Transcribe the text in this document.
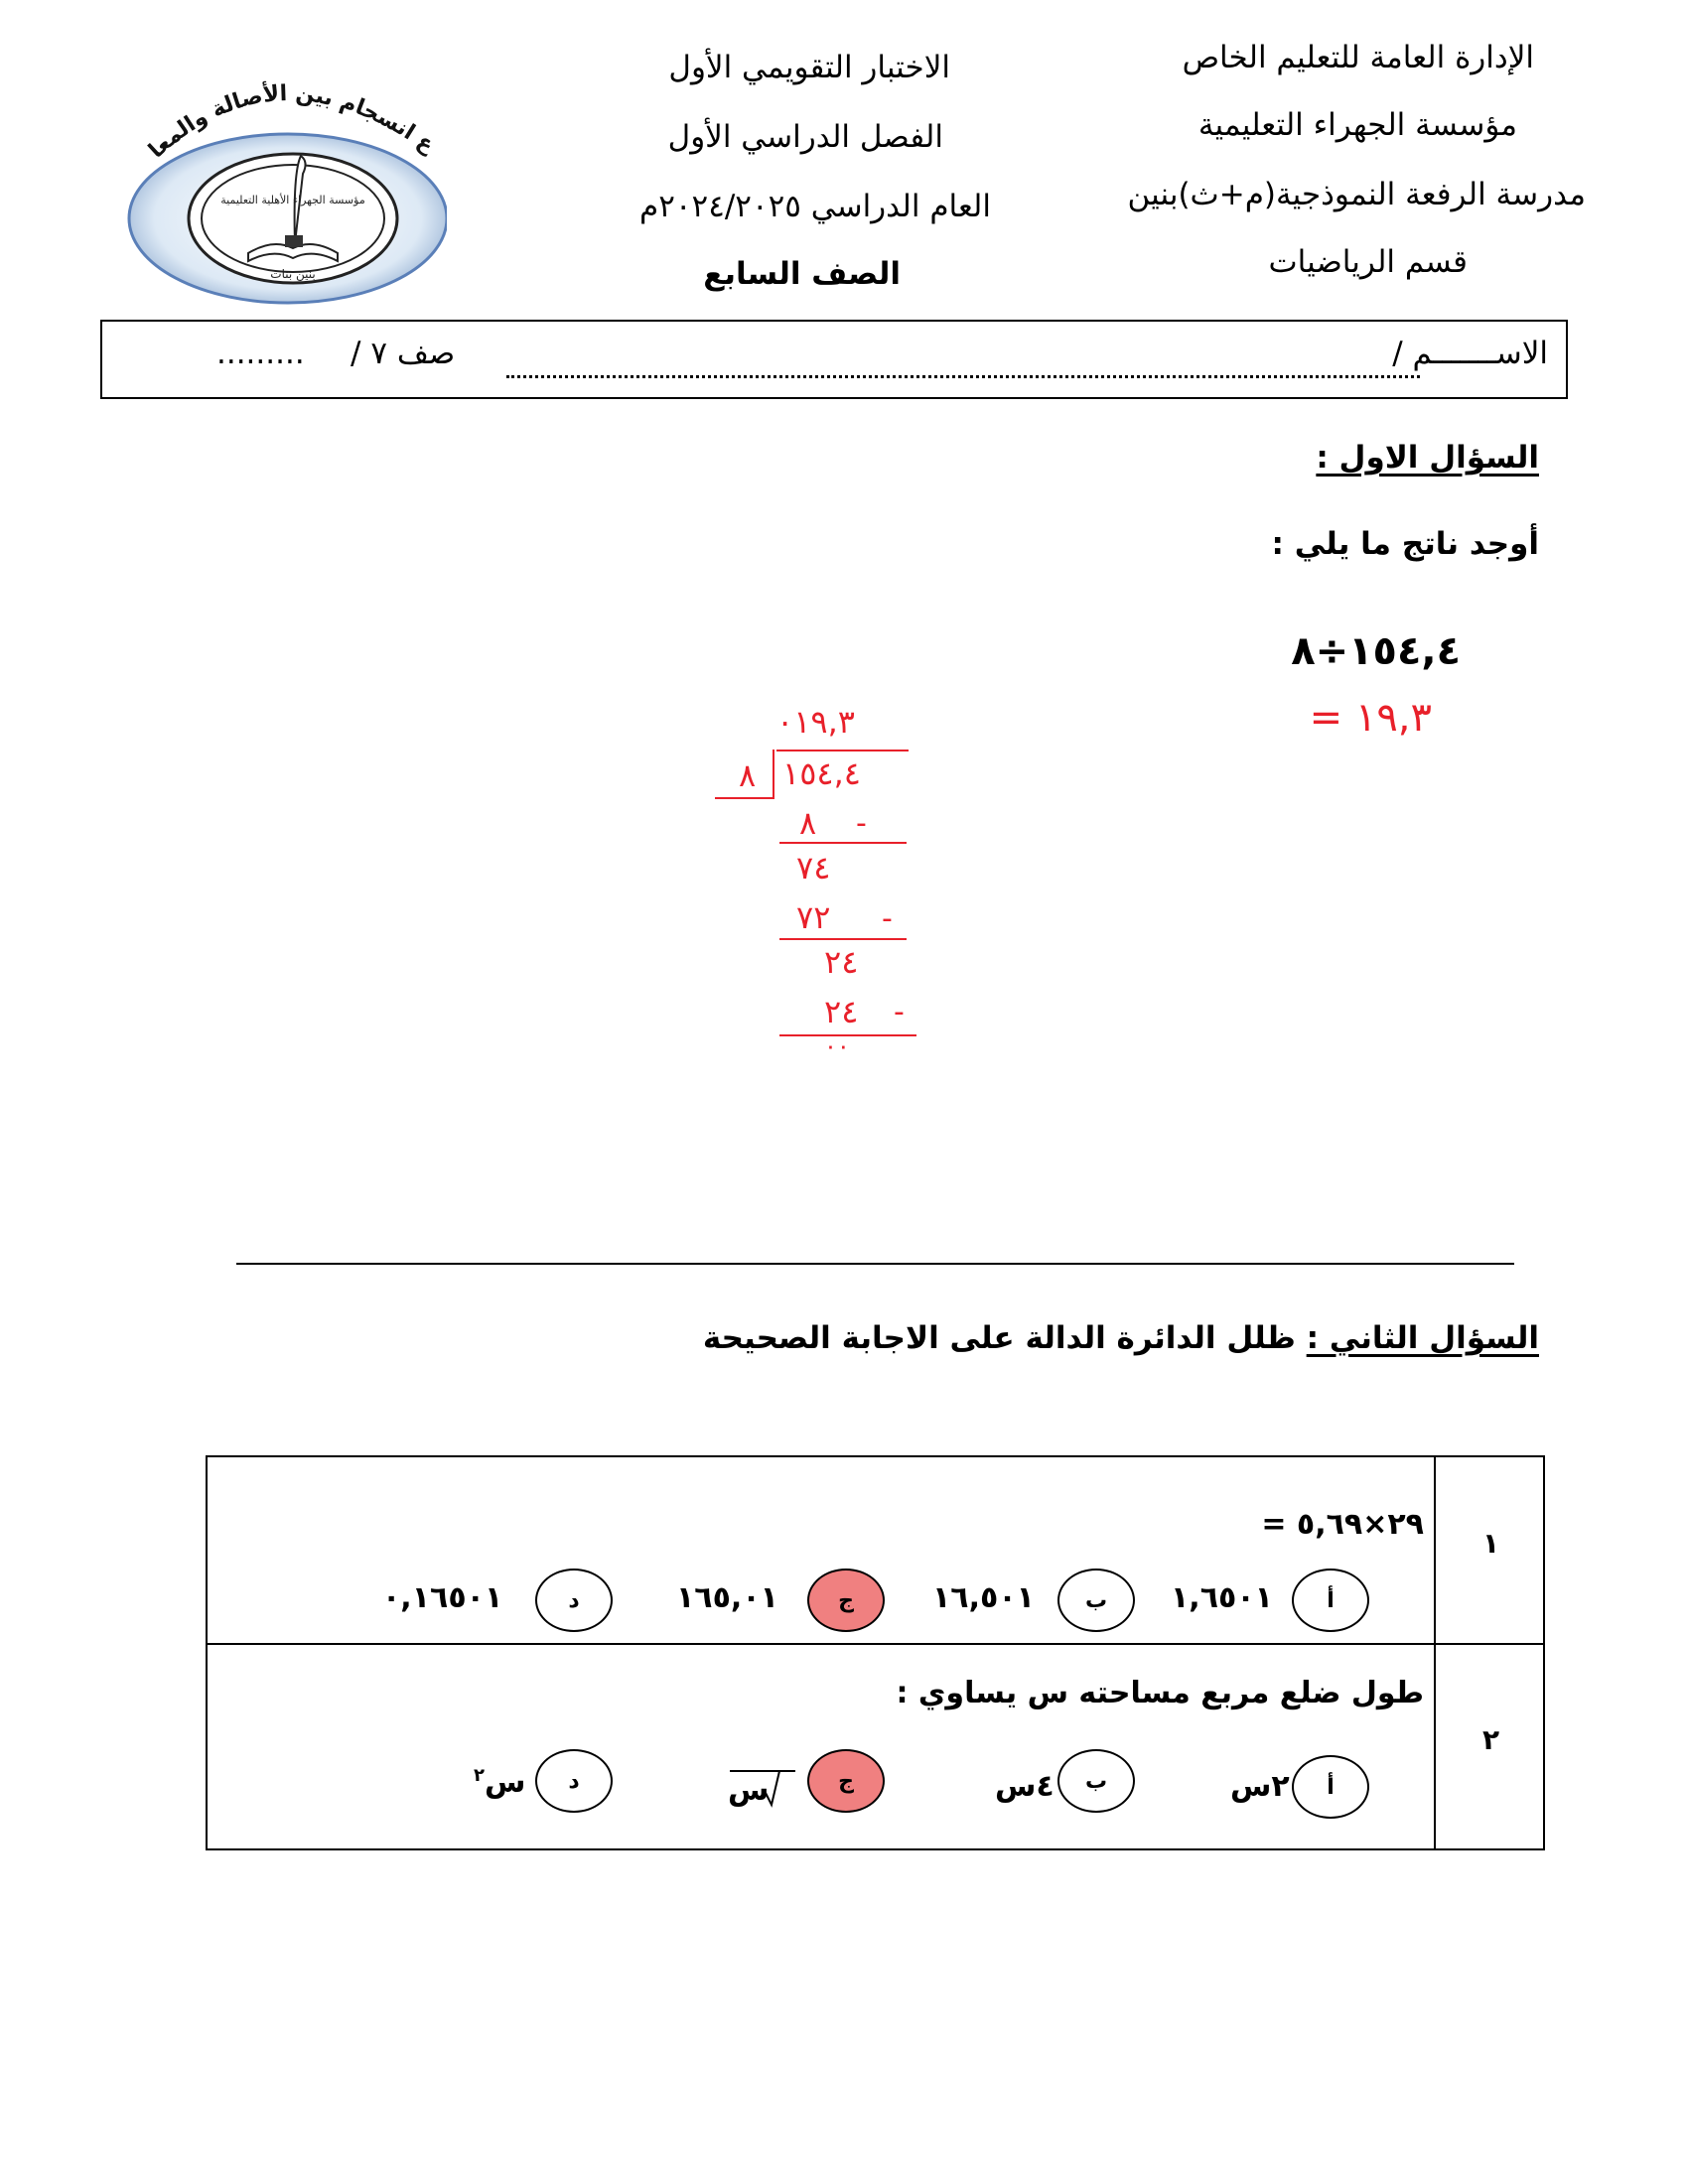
الإدارة العامة للتعليم الخاص
مؤسسة الجهراء التعليمية
مدرسة الرفعة النموذجية(م+ث)بنين
قسم الرياضيات
الاختبار التقويمي الأول
الفصل الدراسي الأول
العام الدراسي ٢٠٢٤/٢٠٢٥م
الصف السابع
ع انسجام بين الأصالة والمعا
مؤسسة الجهراء الأهلية التعليمية
بنين بنات
الاســـــــم /
صف ٧ /
.........
السؤال الاول :
أوجد ناتج ما يلي :
١٥٤,٤÷٨
= ١٩,٣
٠١٩,٣
٨ ١٥٤,٤
٨ -
٧٤
٧٢ -
٢٤
٢٤ -
٠٠
السؤال الثاني : ظلل الدائرة الدالة على الاجابة الصحيحة
١
٢٩×٥,٦٩ =
أ
١,٦٥٠١
ب
١٦,٥٠١
ج
١٦٥,٠١
د
٠,١٦٥٠١
٢
طول ضلع مربع مساحته س يساوي :
أ
٢س
ب
٤س
ج
س
د
س$^٢$
